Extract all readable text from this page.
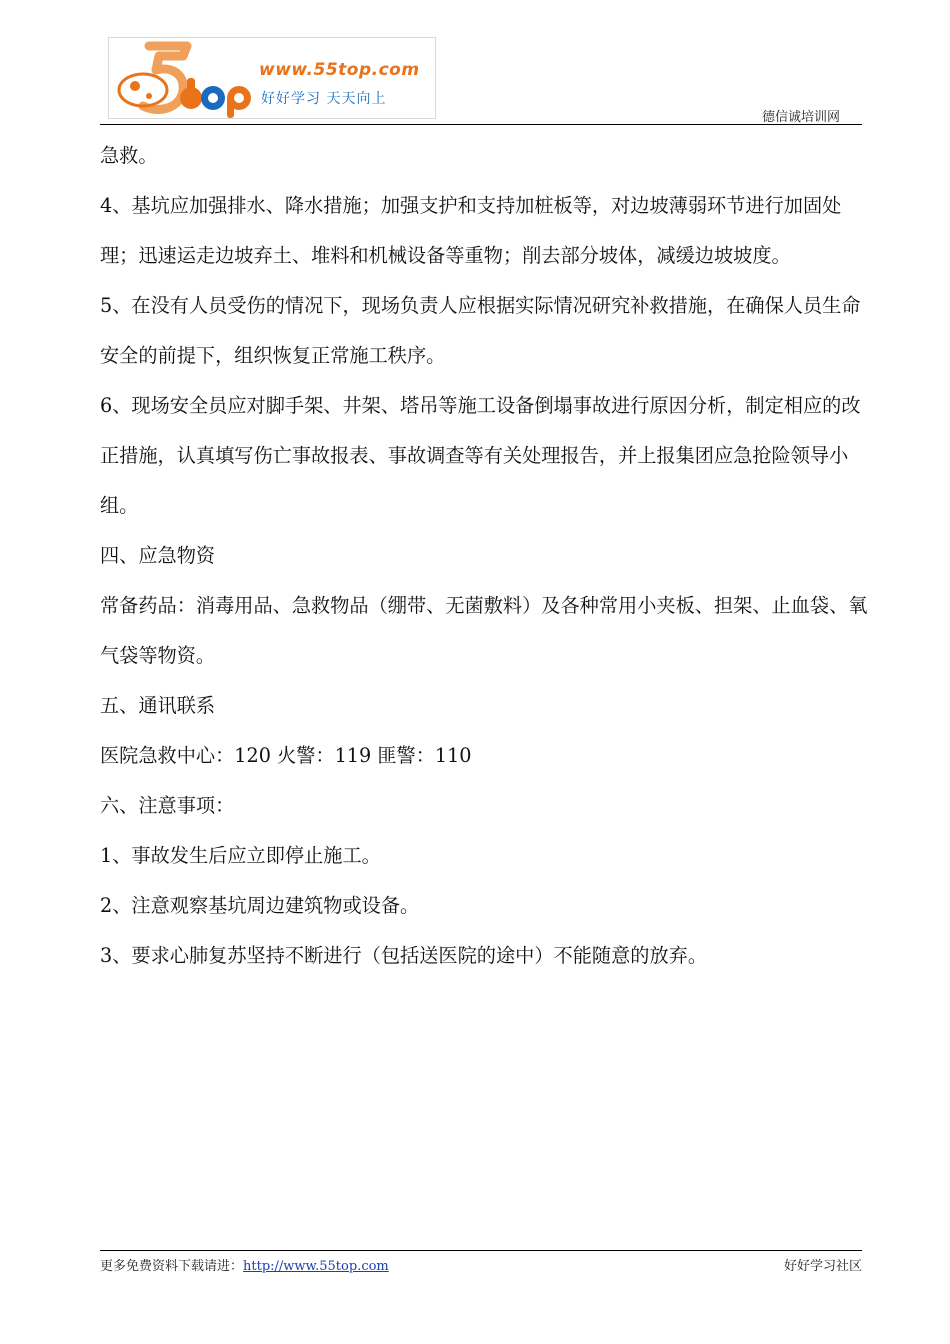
www.55top.com
好好学习 天天向上
德信诚培训网

急救。

4、基坑应加强排水、降水措施；加强支护和支持加桩板等，对边坡薄弱环节进行加固处理；迅速运走边坡弃土、堆料和机械设备等重物；削去部分坡体，减缓边坡坡度。

5、在没有人员受伤的情况下，现场负责人应根据实际情况研究补救措施，在确保人员生命安全的前提下，组织恢复正常施工秩序。

6、现场安全员应对脚手架、井架、塔吊等施工设备倒塌事故进行原因分析，制定相应的改正措施，认真填写伤亡事故报表、事故调查等有关处理报告，并上报集团应急抢险领导小组。

四、应急物资

常备药品：消毒用品、急救物品（绷带、无菌敷料）及各种常用小夹板、担架、止血袋、氧气袋等物资。

五、通讯联系

医院急救中心：120 火警：119 匪警：110

六、注意事项：

1、事故发生后应立即停止施工。

2、注意观察基坑周边建筑物或设备。

3、要求心肺复苏坚持不断进行（包括送医院的途中）不能随意的放弃。

更多免费资料下载请进：http://www.55top.com	好好学习社区
